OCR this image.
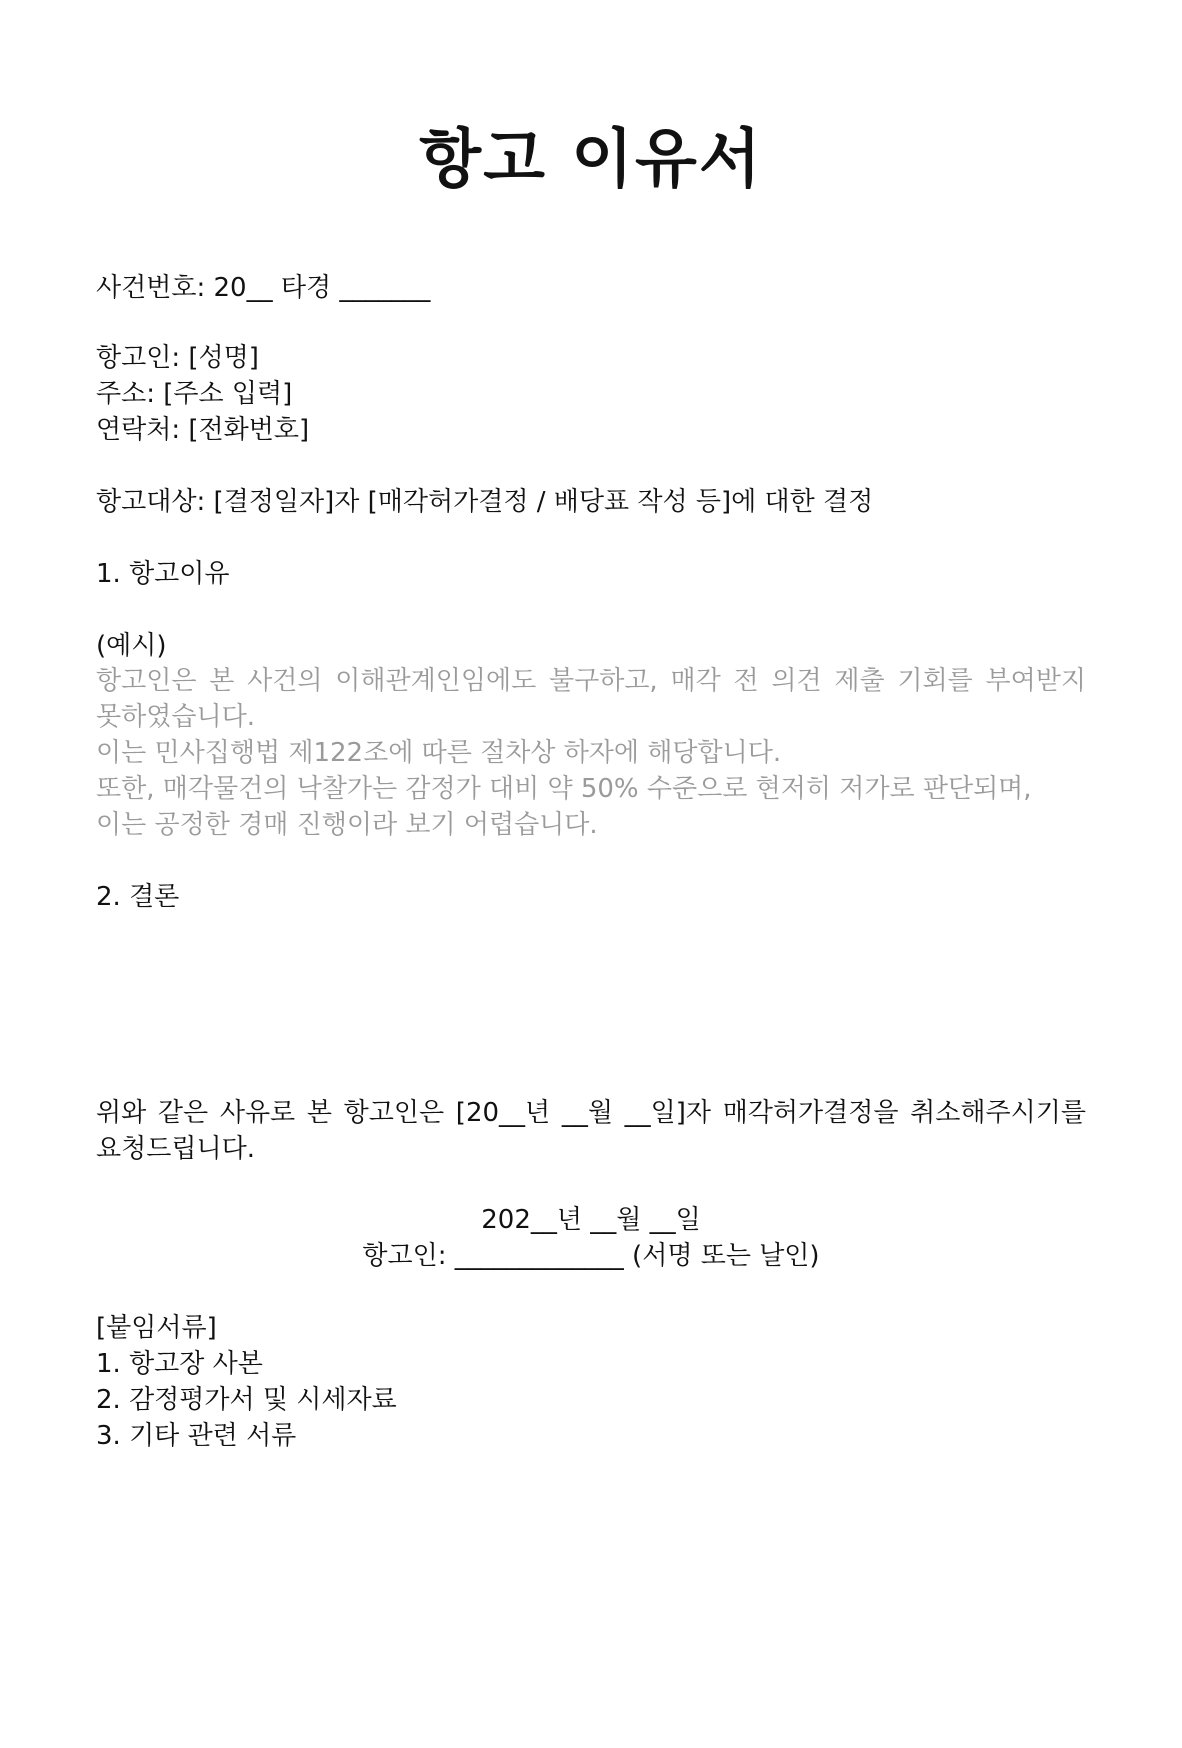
항고 이유서
사건번호: 20__ 타경 _______
항고인: [성명]
주소: [주소 입력]
연락처: [전화번호]
항고대상: [결정일자]자 [매각허가결정 / 배당표 작성 등]에 대한 결정
1. 항고이유
(예시)
항고인은 본 사건의 이해관계인임에도 불구하고, 매각 전 의견 제출 기회를 부여받지
못하였습니다.
이는 민사집행법 제122조에 따른 절차상 하자에 해당합니다.
또한, 매각물건의 낙찰가는 감정가 대비 약 50% 수준으로 현저히 저가로 판단되며,
이는 공정한 경매 진행이라 보기 어렵습니다.
2. 결론
위와 같은 사유로 본 항고인은 [20__년 __월 __일]자 매각허가결정을 취소해주시기를
요청드립니다.
202__년 __월 __일
항고인: _____________ (서명 또는 날인)
[붙임서류]
1. 항고장 사본
2. 감정평가서 및 시세자료
3. 기타 관련 서류
